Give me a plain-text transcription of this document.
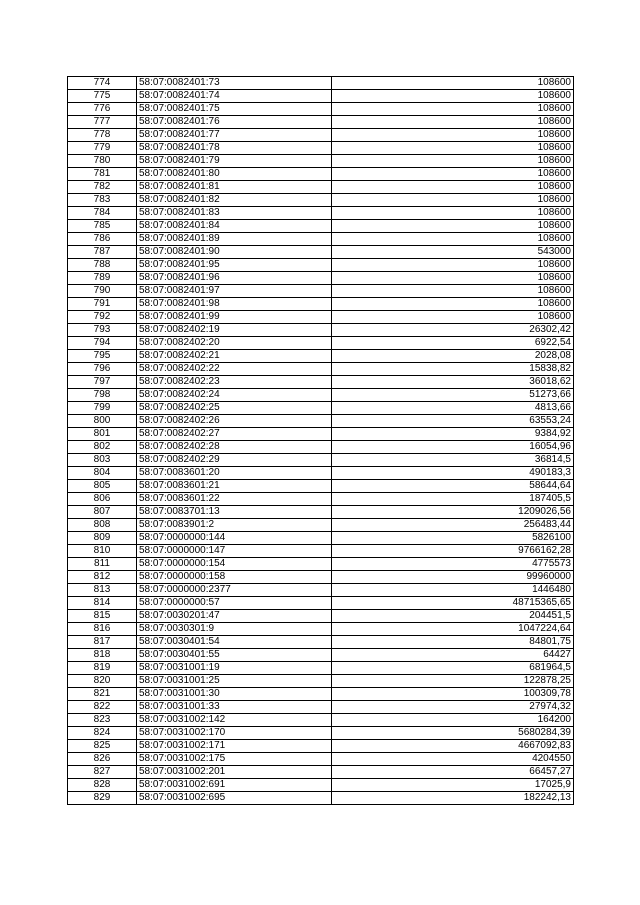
774	58:07:0082401:73	108600
775	58:07:0082401:74	108600
776	58:07:0082401:75	108600
777	58:07:0082401:76	108600
778	58:07:0082401:77	108600
779	58:07:0082401:78	108600
780	58:07:0082401:79	108600
781	58:07:0082401:80	108600
782	58:07:0082401:81	108600
783	58:07:0082401:82	108600
784	58:07:0082401:83	108600
785	58:07:0082401:84	108600
786	58:07:0082401:89	108600
787	58:07:0082401:90	543000
788	58:07:0082401:95	108600
789	58:07:0082401:96	108600
790	58:07:0082401:97	108600
791	58:07:0082401:98	108600
792	58:07:0082401:99	108600
793	58:07:0082402:19	26302,42
794	58:07:0082402:20	6922,54
795	58:07:0082402:21	2028,08
796	58:07:0082402:22	15838,82
797	58:07:0082402:23	36018,62
798	58:07:0082402:24	51273,66
799	58:07:0082402:25	4813,66
800	58:07:0082402:26	63553,24
801	58:07:0082402:27	9384,92
802	58:07:0082402:28	16054,96
803	58:07:0082402:29	36814,5
804	58:07:0083601:20	490183,3
805	58:07:0083601:21	58644,64
806	58:07:0083601:22	187405,5
807	58:07:0083701:13	1209026,56
808	58:07:0083901:2	256483,44
809	58:07:0000000:144	5826100
810	58:07:0000000:147	9766162,28
811	58:07:0000000:154	4775573
812	58:07:0000000:158	99960000
813	58:07:0000000:2377	1446480
814	58:07:0000000:57	48715365,65
815	58:07:0030201:47	204451,5
816	58:07:0030301:9	1047224,64
817	58:07:0030401:54	84801,75
818	58:07:0030401:55	64427
819	58:07:0031001:19	681964,5
820	58:07:0031001:25	122878,25
821	58:07:0031001:30	100309,78
822	58:07:0031001:33	27974,32
823	58:07:0031002:142	164200
824	58:07:0031002:170	5680284,39
825	58:07:0031002:171	4667092,83
826	58:07:0031002:175	4204550
827	58:07:0031002:201	66457,27
828	58:07:0031002:691	17025,9
829	58:07:0031002:695	182242,13
